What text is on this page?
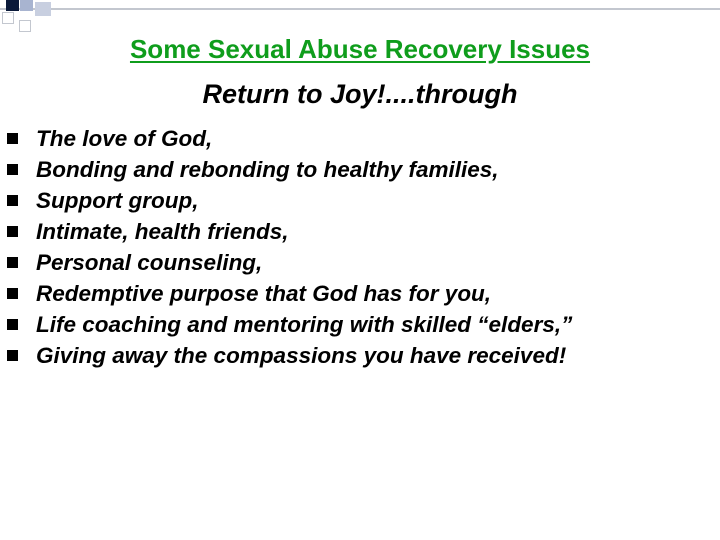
Some Sexual Abuse Recovery Issues
Return to Joy!....through
The love of God,
Bonding and rebonding to healthy families,
Support group,
Intimate, health friends,
Personal counseling,
Redemptive purpose that God has for you,
Life coaching and mentoring with skilled “elders,”
Giving away the compassions you have received!
